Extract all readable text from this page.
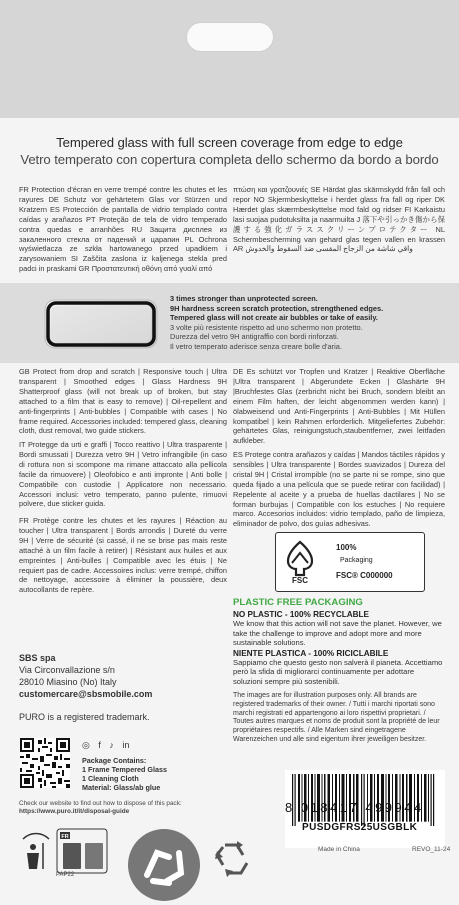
Tempered glass with full screen coverage from edge to edge
Vetro temperato con copertura completa dello schermo da bordo a bordo
FR Protection d'écran en verre trempé contre les chutes et les rayures DE Schutz vor gehärtetem Glas vor Stürzen und Kratzern ES Protección de pantalla de vidrio templado contra caídas y arañazos PT Proteção de tela de vidro temperado contra quedas e arranhões RU Защита дисплея из закаленного стекла от падений и царапин PL Ochrona wyświetlacza ze szkła hartowanego przed upadkiem i zarysowaniem SI Zaščita zaslona iz kaljenega stekla pred padci in praskami GR Προστατευτική οθόνη από γυαλί από
πτώση και γρατζουνιές SE Härdat glas skärmskydd från fall och repor NO Skjermbeskyttelse i herdet glass fra fall og riper DK Hærdet glas skærmbeskyttelse mod fald og ridser FI Karkaistu lasi suojaa pudotuksilta ja naarmuilta J 落下や引っかき傷から保護する強化ガラススクリーンプロテクター NL Schermbescherming van gehard glas tegen vallen en krassen AR واقي شاشة من الزجاج المقسى ضد السقوط والخدوش
3 times stronger than unprotected screen.
9H hardness screen scratch protection, strengthened edges.
Tempered glass will not create air bubbles or take of easily.
3 volte più resistente rispetto ad uno schermo non protetto.
Durezza del vetro 9H antigraffio con bordi rinforzati.
Il vetro temperato aderisce senza creare bolle d'aria.
GB Protect from drop and scratch | Responsive touch | Ultra transparent | Smoothed edges | Glass Hardness 9H Shatterproof glass (will not break up of broken, but stay attached to a film that is easy to remove) | Oil-repellent and anti-fingerprints | Anti-bubbles | Compatible with cases | No frame required. Accessories included: tempered glass, cleaning cloth, dust removal, two guide stickers.
IT Protegge da urti e graffi | Tocco reattivo | Ultra trasparente | Bordi smussati | Durezza vetro 9H | Vetro infrangibile (in caso di rottura non si scompone ma rimane attaccato alla pellicola facile da rimuovere) | Oleofobico e anti impronte | Anti bolle | Compatibile con custodie | Applicatore non necessario. Accessori inclusi: vetro temperato, panno pulente, rimuovi polvere, due sticker guida.
FR Protège contre les chutes et les rayures | Réaction au toucher | Ultra transparent | Bords arrondis | Dureté du verre 9H | Verre de sécurité (si cassé, il ne se brise pas mais reste attaché à un film facile à retirer) | Résistant aux huiles et aux empreintes | Anti-bulles | Compatible avec les étuis | Ne requiert pas de cadre. Accessoires inclus: verre trempé, chiffon de nettoyage, accessoire à éliminer la poussière, deux autocollants de repère.
DE Es schützt vor Tropfen und Kratzer | Reaktive Oberfläche |Ultra transparent | Abgerundete Ecken | Glashärte 9H |Bruchfestes Glas (zerbricht nicht bei Bruch, sondern bleibt an einem Film haften, der leicht abgenommen werden kann) | ölabweisend und Anti-Fingerprints | Anti-Bubbles | Mit Hüllen kompatibel | kein Rahmen erforderlich. Mitgeliefertes Zubehör: gehärtetes Glas, reinigungstuch,staubentferner, zwei leitfaden aufkleber.
ES Protege contra arañazos y caídas | Mandos táctiles rápidos y sensibles | Ultra transparente | Bordes suavizados | Dureza del cristal 9H | Cristal irrompible (no se parte ni se rompe, sino que queda fijado a una película que se puede retirar con facilidad) | Repelente al aceite y a prueba de huellas dactilares | No se forman burbujas | Compatible con los estuches | No requiere marco. Accesorios incluidos: vidrio templado, paño de limpieza, eliminador de polvo, dos guías adhesivas.
FSC
100%
Packaging
FSC® C000000
PLASTIC FREE PACKAGING
NO PLASTIC - 100% RECYCLABLE
We know that this action will not save the planet. However, we take the challenge to improve and adopt more and more sustainable solutions.
NIENTE PLASTICA - 100% RICICLABILE
Sappiamo che questo gesto non salverà il pianeta. Accettiamo però la sfida di migliorarci continuamente per adottare soluzioni sempre più sostenibili.
The images are for illustration purposes only. All brands are registered trademarks of their owner. / Tutti i marchi riportati sono marchi registrati ed appartengono ai loro rispettivi proprietari. / Toutes autres marques et noms de produit sont la propriété de leur propriétaires respectifs. / Alle Marken sind eingetragene Warenzeichen und alle sind eigentum ihrer jeweiligen besitzer.
SBS spa
Via Circonvallazione s/n
28010 Miasino (No) Italy
customercare@sbsmobile.com
PURO is a registered trademark.
◎ f ♪ in
Package Contains:
1 Frame Tempered Glass
1 Cleaning Cloth
Material: Glass/ab glue
Check our website to find out how to dispose of this pack:
https://www.puro.it/it/disposal-guide
FR
PAP22
8 018417 499944
PUSDGFRS25USGBLK
Made in China	REVO_11-24
